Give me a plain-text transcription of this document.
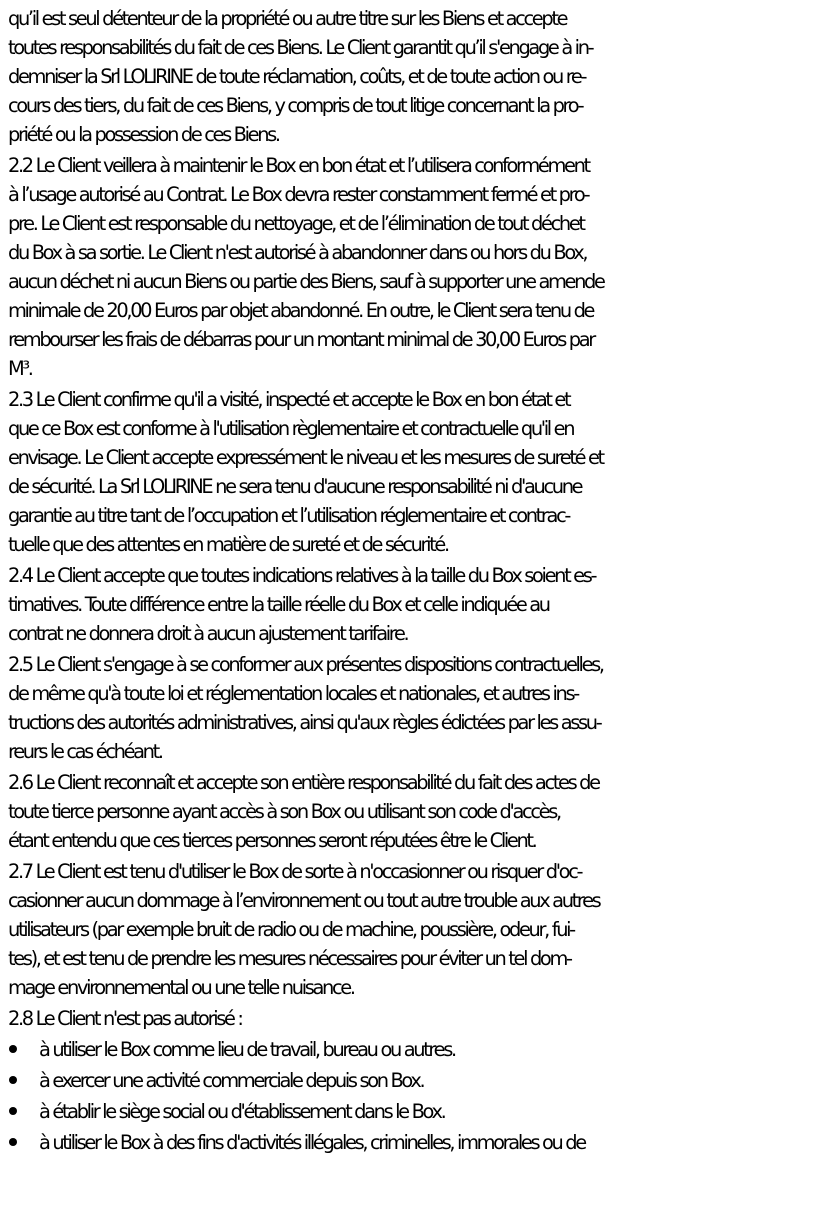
qu’il est seul détenteur de la propriété ou autre titre sur les Biens et accepte
toutes responsabilités du fait de ces Biens. Le Client garantit qu’il s'engage à in-
demniser la Srl LOLIRINE de toute réclamation, coûts, et de toute action ou re-
cours des tiers, du fait de ces Biens, y compris de tout litige concernant la pro-
priété ou la possession de ces Biens.
2.2 Le Client veillera à maintenir le Box en bon état et l’utilisera conformément
à l’usage autorisé au Contrat. Le Box devra rester constamment fermé et pro-
pre. Le Client est responsable du nettoyage, et de l’élimination de tout déchet
du Box à sa sortie. Le Client n'est autorisé à abandonner dans ou hors du Box,
aucun déchet ni aucun Biens ou partie des Biens, sauf à supporter une amende
minimale de 20,00 Euros par objet abandonné. En outre, le Client sera tenu de
rembourser les frais de débarras pour un montant minimal de 30,00 Euros par
M³.
2.3 Le Client confirme qu'il a visité, inspecté et accepte le Box en bon état et
que ce Box est conforme à l'utilisation règlementaire et contractuelle qu'il en
envisage. Le Client accepte expressément le niveau et les mesures de sureté et
de sécurité. La Srl LOLIRINE ne sera tenu d'aucune responsabilité ni d'aucune
garantie au titre tant de l’occupation et l’utilisation réglementaire et contrac-
tuelle que des attentes en matière de sureté et de sécurité.
2.4 Le Client accepte que toutes indications relatives à la taille du Box soient es-
timatives. Toute différence entre la taille réelle du Box et celle indiquée au
contrat ne donnera droit à aucun ajustement tarifaire.
2.5 Le Client s'engage à se conformer aux présentes dispositions contractuelles,
de même qu'à toute loi et réglementation locales et nationales, et autres ins-
tructions des autorités administratives, ainsi qu'aux règles édictées par les assu-
reurs le cas échéant.
2.6 Le Client reconnaît et accepte son entière responsabilité du fait des actes de
toute tierce personne ayant accès à son Box ou utilisant son code d'accès,
étant entendu que ces tierces personnes seront réputées être le Client.
2.7 Le Client est tenu d'utiliser le Box de sorte à n'occasionner ou risquer d'oc-
casionner aucun dommage à l’environnement ou tout autre trouble aux autres
utilisateurs (par exemple bruit de radio ou de machine, poussière, odeur, fui-
tes), et est tenu de prendre les mesures nécessaires pour éviter un tel dom-
mage environnemental ou une telle nuisance.
2.8 Le Client n'est pas autorisé :
à utiliser le Box comme lieu de travail, bureau ou autres.
à exercer une activité commerciale depuis son Box.
à établir le siège social ou d'établissement dans le Box.
à utiliser le Box à des fins d'activités illégales, criminelles, immorales ou de
